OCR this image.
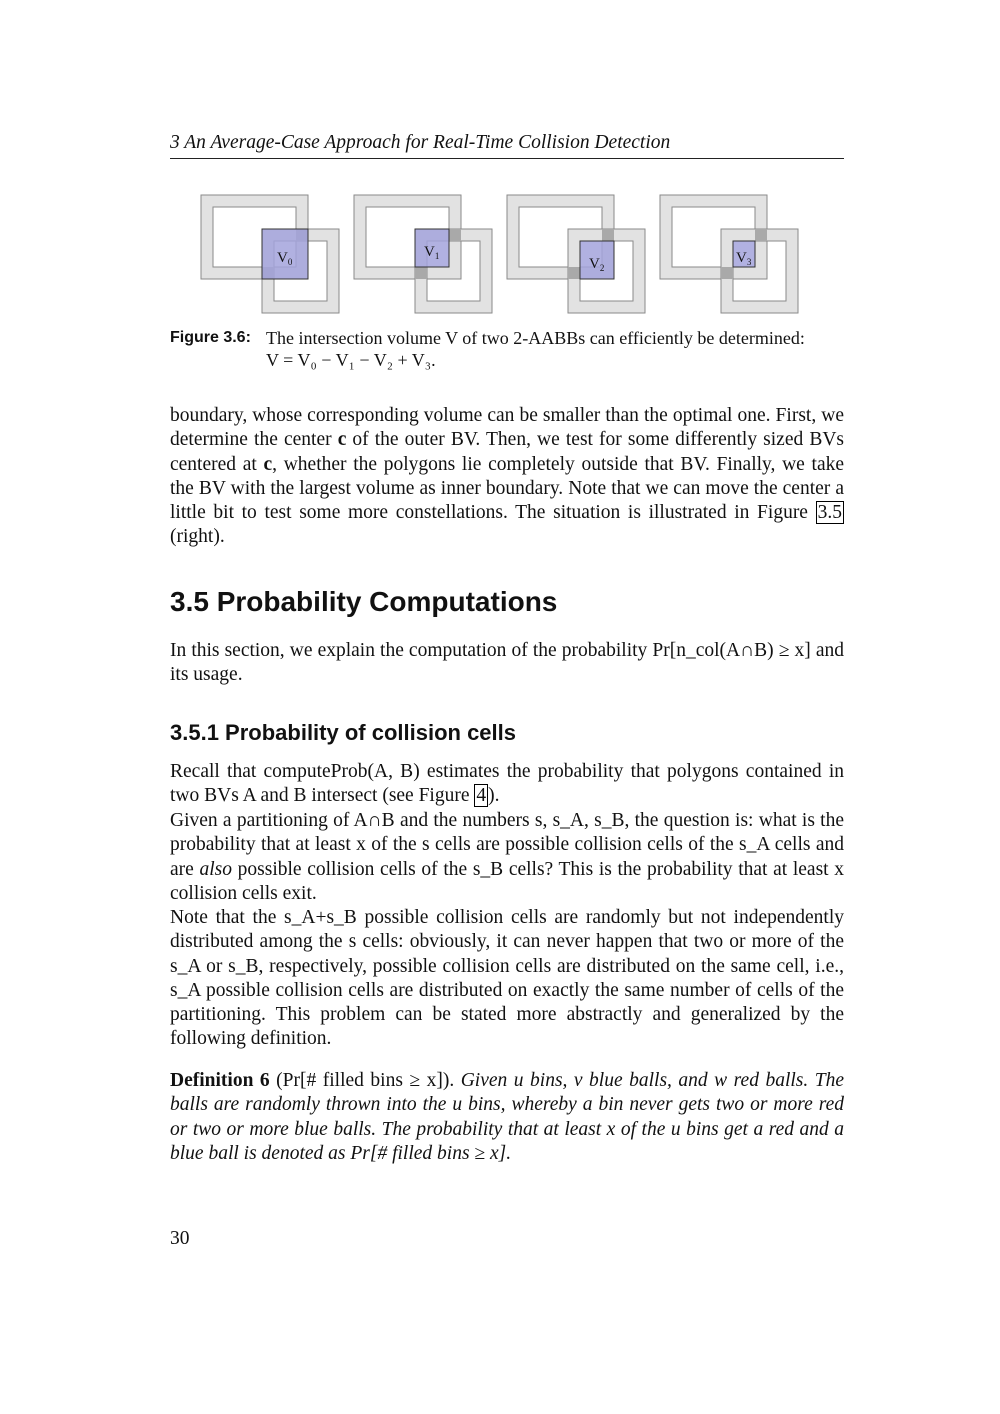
3 An Average-Case Approach for Real-Time Collision Detection
$V_0$
$V_1$	$V_2$
$V_3$
Figure 3.6: The intersection volume V of two 2-AABBs can efficiently be determined:
V = V₀ − V₁ − V₂ + V₃.
boundary, whose corresponding volume can be smaller than the optimal one. First, we determine the center c of the outer BV. Then, we test for some differently sized BVs centered at c, whether the polygons lie completely outside that BV. Finally, we take the BV with the largest volume as inner boundary. Note that we can move the center a little bit to test some more constellations. The situation is illustrated in Figure 3.5 (right).
3.5 Probability Computations
In this section, we explain the computation of the probability Pr[n_col(A∩B) ≥ x] and its usage.
3.5.1 Probability of collision cells
Recall that computeProb(A, B) estimates the probability that polygons contained in two BVs A and B intersect (see Figure 4 ).
Given a partitioning of A∩B and the numbers s, s_A, s_B, the question is: what is the probability that at least x of the s cells are possible collision cells of the s_A cells and are also possible collision cells of the s_B cells? This is the probability that at least x collision cells exit.
Note that the s_A+s_B possible collision cells are randomly but not independently distributed among the s cells: obviously, it can never happen that two or more of the s_A or s_B, respectively, possible collision cells are distributed on the same cell, i.e., s_A possible collision cells are distributed on exactly the same number of cells of the partitioning. This problem can be stated more abstractly and generalized by the following definition.
Definition 6 (Pr[# filled bins ≥ x]). Given u bins, v blue balls, and w red balls. The balls are randomly thrown into the u bins, whereby a bin never gets two or more red or two or more blue balls. The probability that at least x of the u bins get a red and a blue ball is denoted as Pr[# filled bins ≥ x].
30
